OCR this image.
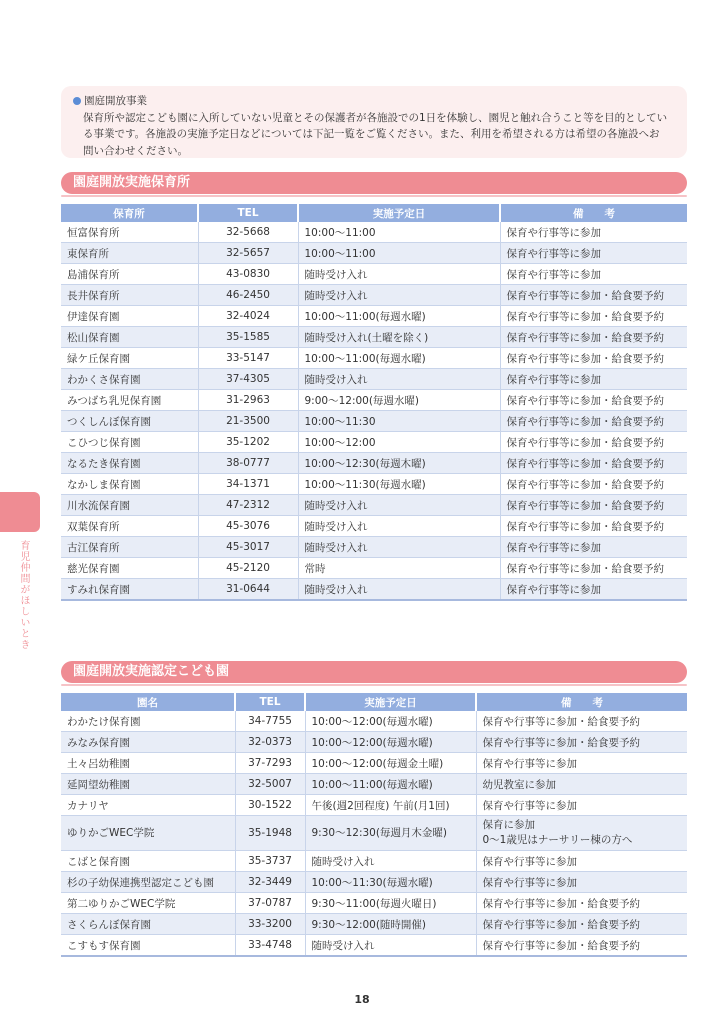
園庭開放事業
保育所や認定こども園に入所していない児童とその保護者が各施設での1日を体験し、園児と触れ合うこと等を目的としてい
る事業です。各施設の実施予定日などについては下記一覧をご覧ください。また、利用を希望される方は希望の各施設へお
問い合わせください。
園庭開放実施保育所
保育所	TEL	実施予定日	備　　考
恒富保育所	32-5668	10:00～11:00	保育や行事等に参加
東保育所	32-5657	10:00～11:00	保育や行事等に参加
島浦保育所	43-0830	随時受け入れ	保育や行事等に参加
長井保育所	46-2450	随時受け入れ	保育や行事等に参加・給食要予約
伊達保育園	32-4024	10:00～11:00(毎週水曜)	保育や行事等に参加・給食要予約
松山保育園	35-1585	随時受け入れ(土曜を除く)	保育や行事等に参加・給食要予約
緑ケ丘保育園	33-5147	10:00～11:00(毎週水曜)	保育や行事等に参加・給食要予約
わかくさ保育園	37-4305	随時受け入れ	保育や行事等に参加
みつばち乳児保育園	31-2963	9:00～12:00(毎週水曜)	保育や行事等に参加・給食要予約
つくしんぼ保育園	21-3500	10:00～11:30	保育や行事等に参加・給食要予約
こひつじ保育園	35-1202	10:00～12:00	保育や行事等に参加・給食要予約
なるたき保育園	38-0777	10:00～12:30(毎週木曜)	保育や行事等に参加・給食要予約
なかしま保育園	34-1371	10:00～11:30(毎週水曜)	保育や行事等に参加・給食要予約
川水流保育園	47-2312	随時受け入れ	保育や行事等に参加・給食要予約
双葉保育所	45-3076	随時受け入れ	保育や行事等に参加・給食要予約
古江保育所	45-3017	随時受け入れ	保育や行事等に参加
慈光保育園	45-2120	常時	保育や行事等に参加・給食要予約
すみれ保育園	31-0644	随時受け入れ	保育や行事等に参加
園庭開放実施認定こども園
園名	TEL	実施予定日	備　　考
わかたけ保育園	34-7755	10:00～12:00(毎週水曜)	保育や行事等に参加・給食要予約
みなみ保育園	32-0373	10:00～12:00(毎週水曜)	保育や行事等に参加・給食要予約
土々呂幼稚園	37-7293	10:00～12:00(毎週金土曜)	保育や行事等に参加
延岡望幼稚園	32-5007	10:00～11:00(毎週水曜)	幼児教室に参加
カナリヤ	30-1522	午後(週2回程度) 午前(月1回)	保育や行事等に参加
ゆりかごWEC学院	35-1948	9:30～12:30(毎週月木金曜)	保育に参加
0～1歳児はナーサリー棟の方へ
こばと保育園	35-3737	随時受け入れ	保育や行事等に参加
杉の子幼保連携型認定こども園	32-3449	10:00～11:30(毎週水曜)	保育や行事等に参加
第二ゆりかごWEC学院	37-0787	9:30～11:00(毎週火曜日)	保育や行事等に参加・給食要予約
さくらんぼ保育園	33-3200	9:30～12:00(随時開催)	保育や行事等に参加・給食要予約
こすもす保育園	33-4748	随時受け入れ	保育や行事等に参加・給食要予約
育児仲間がほしいとき
18
